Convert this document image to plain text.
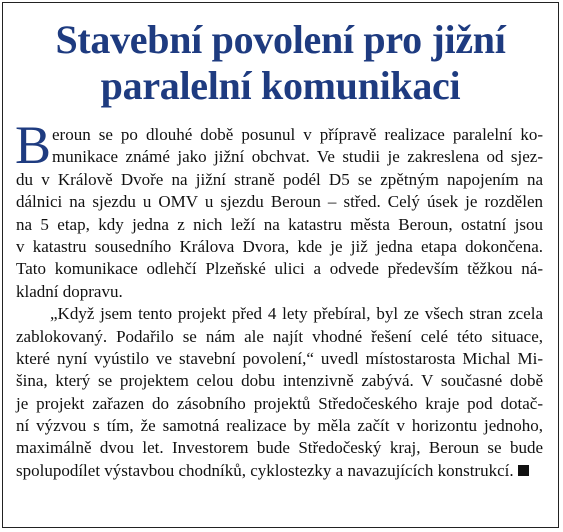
Stavební povolení pro jižní
paralelní komunikaci
B eroun se po dlouhé době posunul v přípravě realizace paralelní ko-
munikace známé jako jižní obchvat. Ve studii je zakreslena od sjez-
du v Králově Dvoře na jižní straně podél D5 se zpětným napojením na
dálnici na sjezdu u OMV u sjezdu Beroun – střed. Celý úsek je rozdělen
na 5 etap, kdy jedna z nich leží na katastru města Beroun, ostatní jsou
v katastru sousedního Králova Dvora, kde je již jedna etapa dokončena.
Tato komunikace odlehčí Plzeňské ulici a odvede především těžkou ná-
kladní dopravu.
„Když jsem tento projekt před 4 lety přebíral, byl ze všech stran zcela
zablokovaný. Podařilo se nám ale najít vhodné řešení celé této situace,
které nyní vyústilo ve stavební povolení,“ uvedl místostarosta Michal Mi-
šina, který se projektem celou dobu intenzivně zabývá. V současné době
je projekt zařazen do zásobního projektů Středočeského kraje pod dotač-
ní výzvou s tím, že samotná realizace by měla začít v horizontu jednoho,
maximálně dvou let. Investorem bude Středočeský kraj, Beroun se bude
spolupodílet výstavbou chodníků, cyklostezky a navazujících konstrukcí.
